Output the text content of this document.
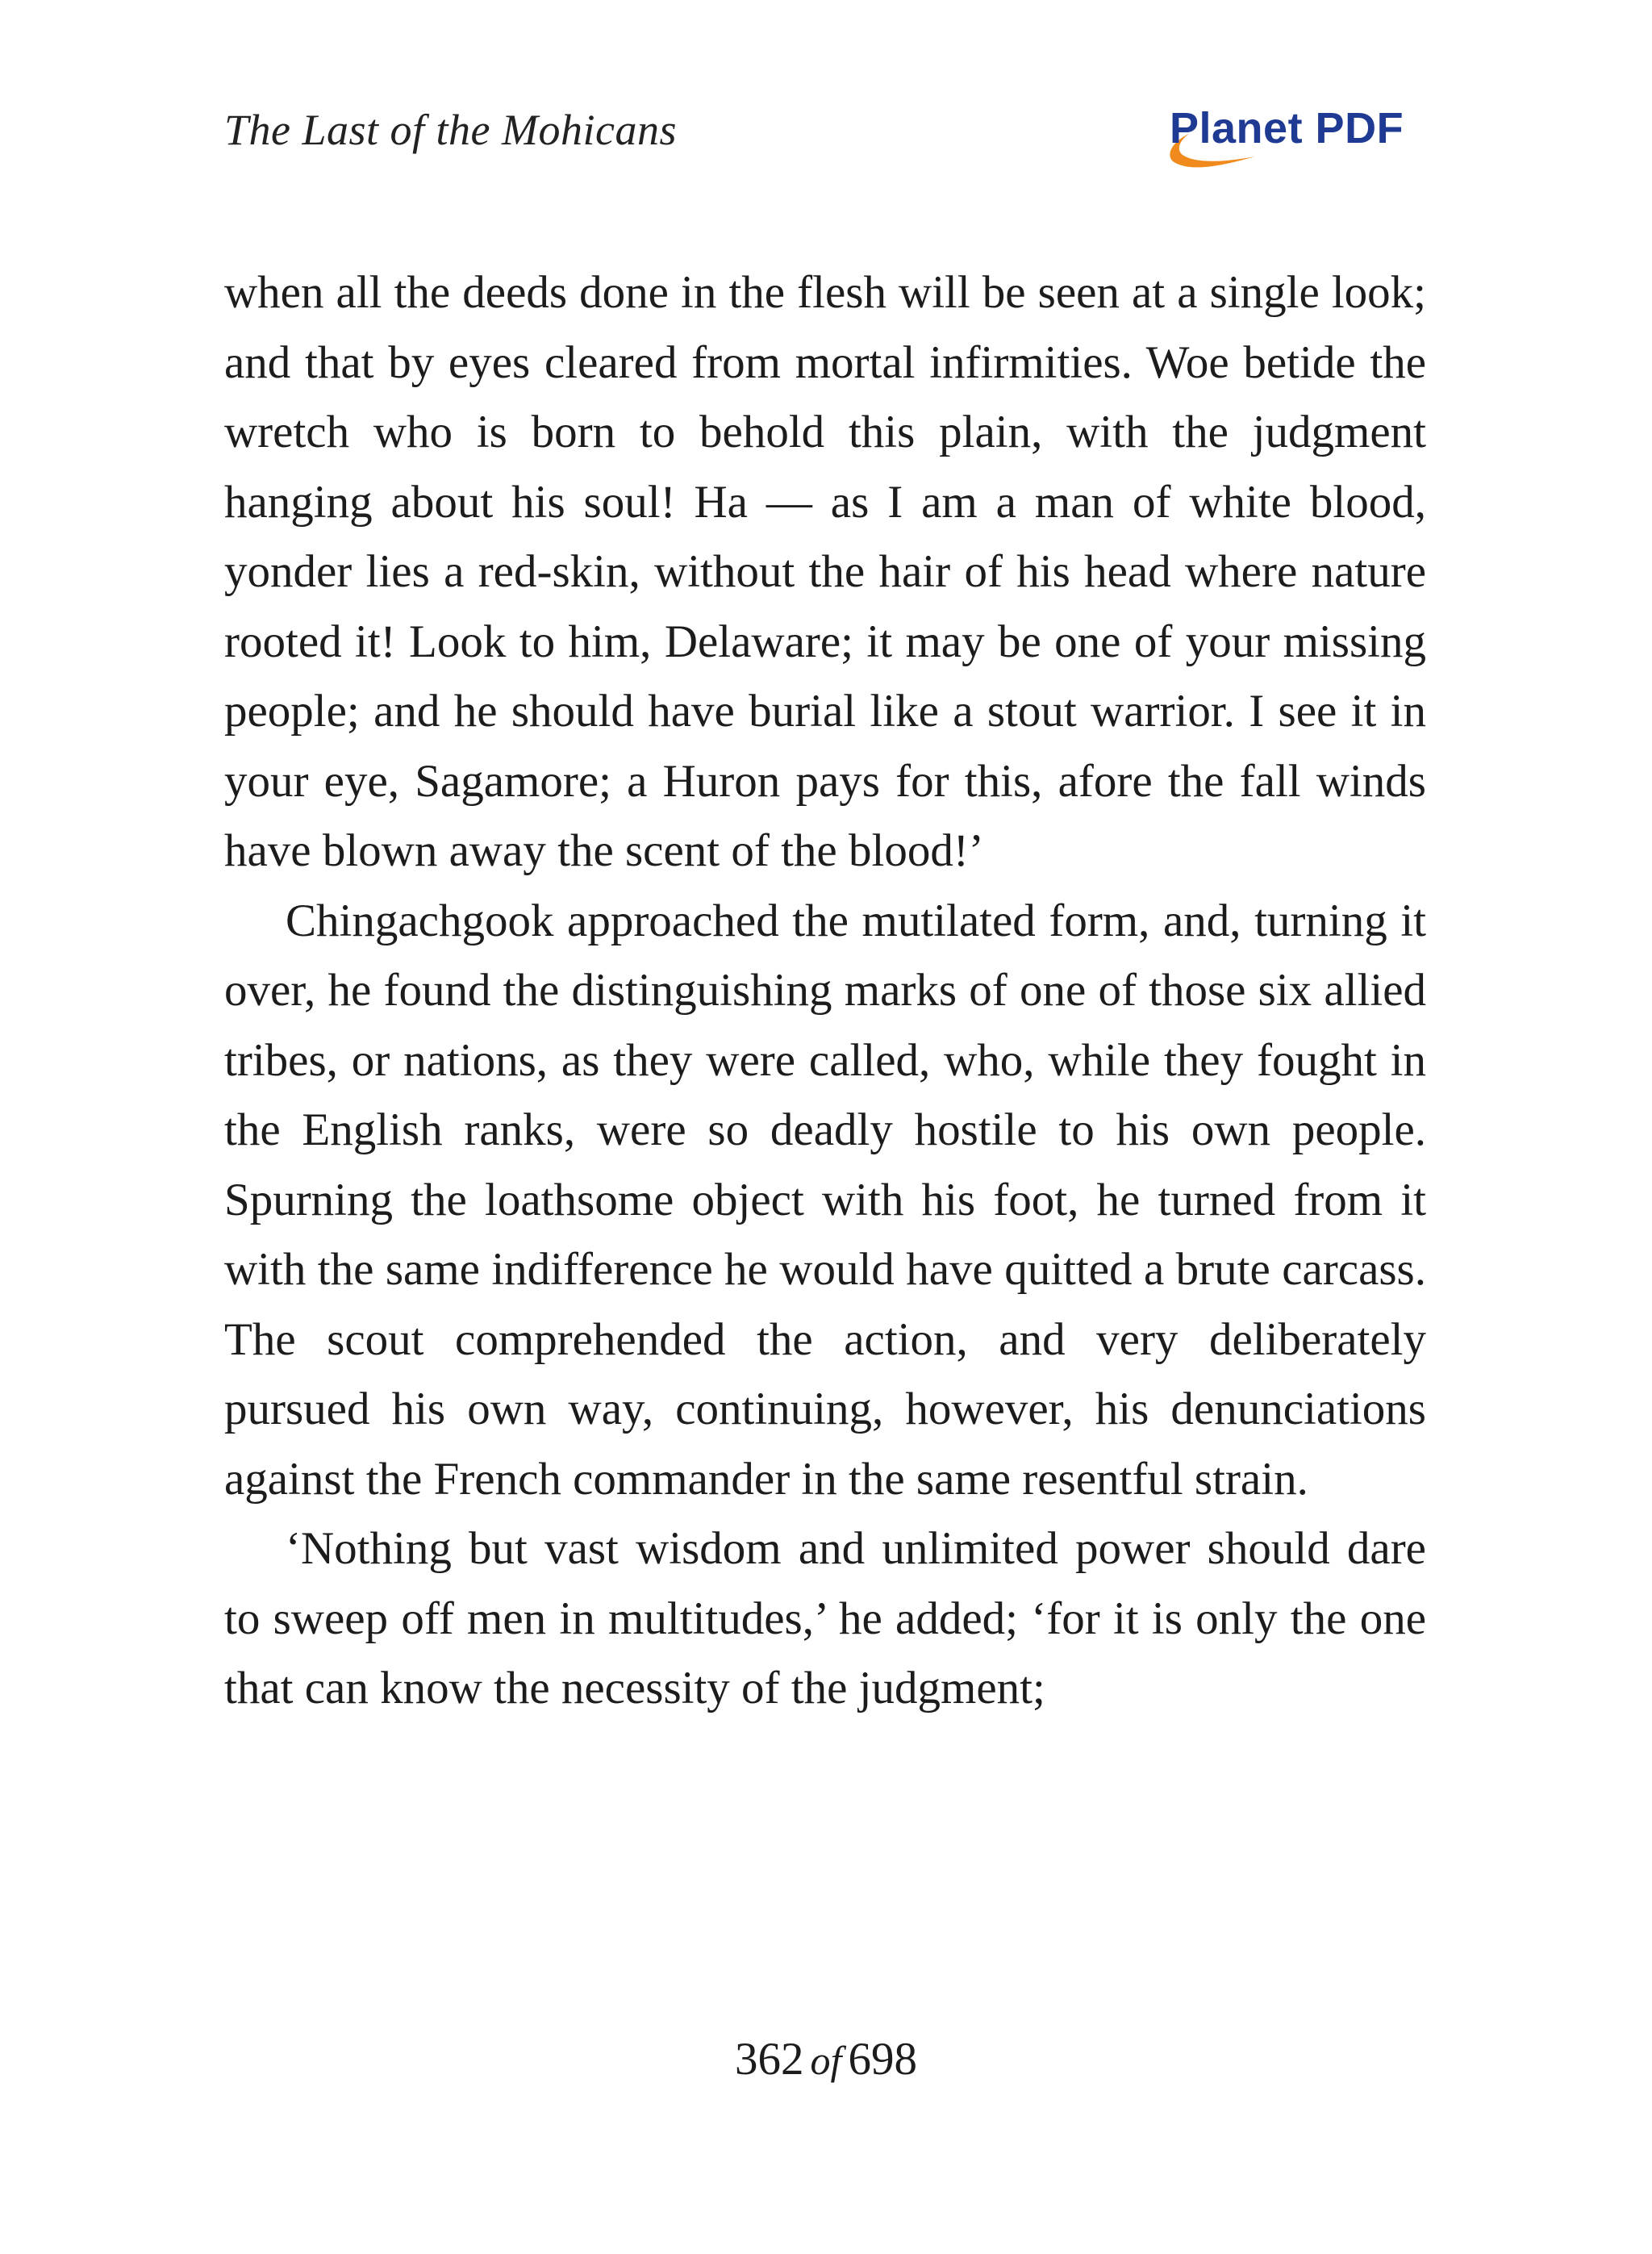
The Last of the Mohicans	Planet PDF

when all the deeds done in the flesh will be seen at a single look; and that by eyes cleared from mortal infirmities. Woe betide the wretch who is born to behold this plain, with the judgment hanging about his soul! Ha — as I am a man of white blood, yonder lies a red-skin, without the hair of his head where nature rooted it! Look to him, Delaware; it may be one of your missing people; and he should have burial like a stout warrior. I see it in your eye, Sagamore; a Huron pays for this, afore the fall winds have blown away the scent of the blood!’

Chingachgook approached the mutilated form, and, turning it over, he found the distinguishing marks of one of those six allied tribes, or nations, as they were called, who, while they fought in the English ranks, were so deadly hostile to his own people. Spurning the loathsome object with his foot, he turned from it with the same indifference he would have quitted a brute carcass. The scout comprehended the action, and very deliberately pursued his own way, continuing, however, his denunciations against the French commander in the same resentful strain.

‘Nothing but vast wisdom and unlimited power should dare to sweep off men in multitudes,’ he added; ‘for it is only the one that can know the necessity of the judgment;

362 of 698
